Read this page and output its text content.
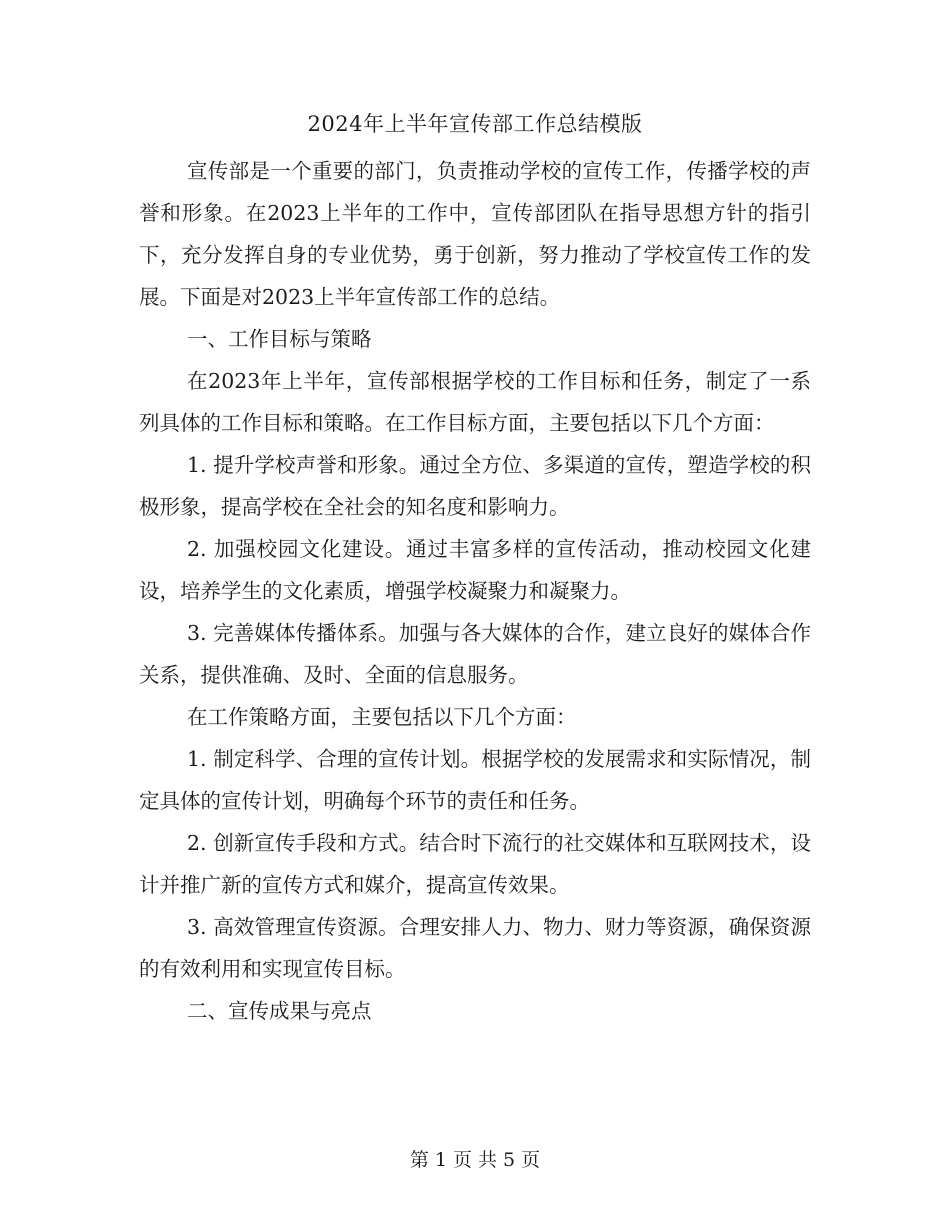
2024年上半年宣传部工作总结模版

宣传部是一个重要的部门，负责推动学校的宣传工作，传播学校的声誉和形象。在2023上半年的工作中，宣传部团队在指导思想方针的指引下，充分发挥自身的专业优势，勇于创新，努力推动了学校宣传工作的发展。下面是对2023上半年宣传部工作的总结。

一、工作目标与策略

在2023年上半年，宣传部根据学校的工作目标和任务，制定了一系列具体的工作目标和策略。在工作目标方面，主要包括以下几个方面：

1. 提升学校声誉和形象。通过全方位、多渠道的宣传，塑造学校的积极形象，提高学校在全社会的知名度和影响力。

2. 加强校园文化建设。通过丰富多样的宣传活动，推动校园文化建设，培养学生的文化素质，增强学校凝聚力和凝聚力。

3. 完善媒体传播体系。加强与各大媒体的合作，建立良好的媒体合作关系，提供准确、及时、全面的信息服务。

在工作策略方面，主要包括以下几个方面：

1. 制定科学、合理的宣传计划。根据学校的发展需求和实际情况，制定具体的宣传计划，明确每个环节的责任和任务。

2. 创新宣传手段和方式。结合时下流行的社交媒体和互联网技术，设计并推广新的宣传方式和媒介，提高宣传效果。

3. 高效管理宣传资源。合理安排人力、物力、财力等资源，确保资源的有效利用和实现宣传目标。

二、宣传成果与亮点

第 1 页 共 5 页
